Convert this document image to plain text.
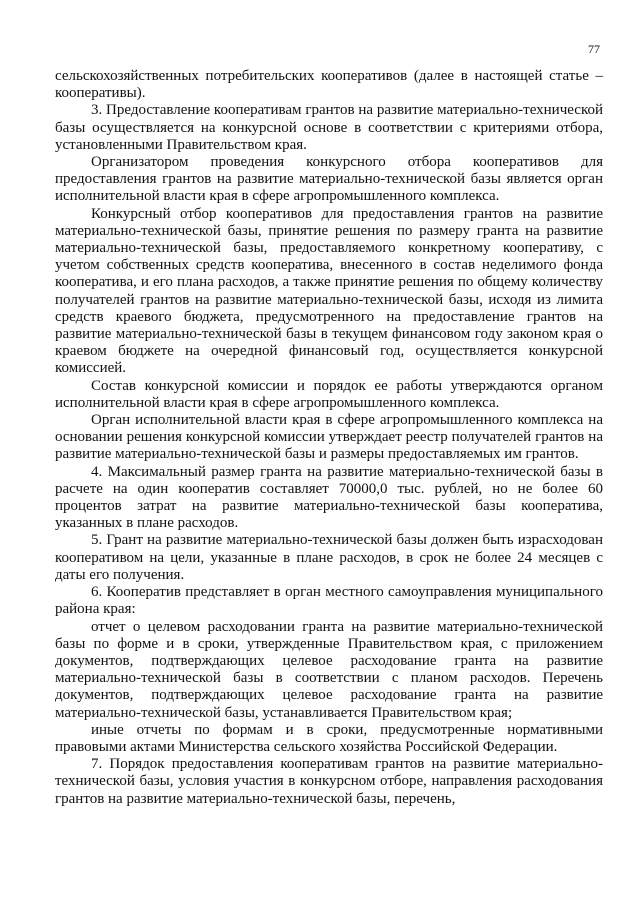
77

сельскохозяйственных потребительских кооперативов (далее в настоящей статье – кооперативы).

3. Предоставление кооперативам грантов на развитие материально-технической базы осуществляется на конкурсной основе в соответствии с критериями отбора, установленными Правительством края.

Организатором проведения конкурсного отбора кооперативов для предоставления грантов на развитие материально-технической базы является орган исполнительной власти края в сфере агропромышленного комплекса.

Конкурсный отбор кооперативов для предоставления грантов на развитие материально-технической базы, принятие решения по размеру гранта на развитие материально-технической базы, предоставляемого конкретному кооперативу, с учетом собственных средств кооператива, внесенного в состав неделимого фонда кооператива, и его плана расходов, а также принятие решения по общему количеству получателей грантов на развитие материально-технической базы, исходя из лимита средств краевого бюджета, предусмотренного на предоставление грантов на развитие материально-технической базы в текущем финансовом году законом края о краевом бюджете на очередной финансовый год, осуществляется конкурсной комиссией.

Состав конкурсной комиссии и порядок ее работы утверждаются органом исполнительной власти края в сфере агропромышленного комплекса.

Орган исполнительной власти края в сфере агропромышленного комплекса на основании решения конкурсной комиссии утверждает реестр получателей грантов на развитие материально-технической базы и размеры предоставляемых им грантов.

4. Максимальный размер гранта на развитие материально-технической базы в расчете на один кооператив составляет 70000,0 тыс. рублей, но не более 60 процентов затрат на развитие материально-технической базы кооператива, указанных в плане расходов.

5. Грант на развитие материально-технической базы должен быть израсходован кооперативом на цели, указанные в плане расходов, в срок не более 24 месяцев с даты его получения.

6. Кооператив представляет в орган местного самоуправления муниципального района края:

отчет о целевом расходовании гранта на развитие материально-технической базы по форме и в сроки, утвержденные Правительством края, с приложением документов, подтверждающих целевое расходование гранта на развитие материально-технической базы в соответствии с планом расходов. Перечень документов, подтверждающих целевое расходование гранта на развитие материально-технической базы, устанавливается Правительством края;

иные отчеты по формам и в сроки, предусмотренные нормативными правовыми актами Министерства сельского хозяйства Российской Федерации.

7. Порядок предоставления кооперативам грантов на развитие материально-технической базы, условия участия в конкурсном отборе, направления расходования грантов на развитие материально-технической базы, перечень,
